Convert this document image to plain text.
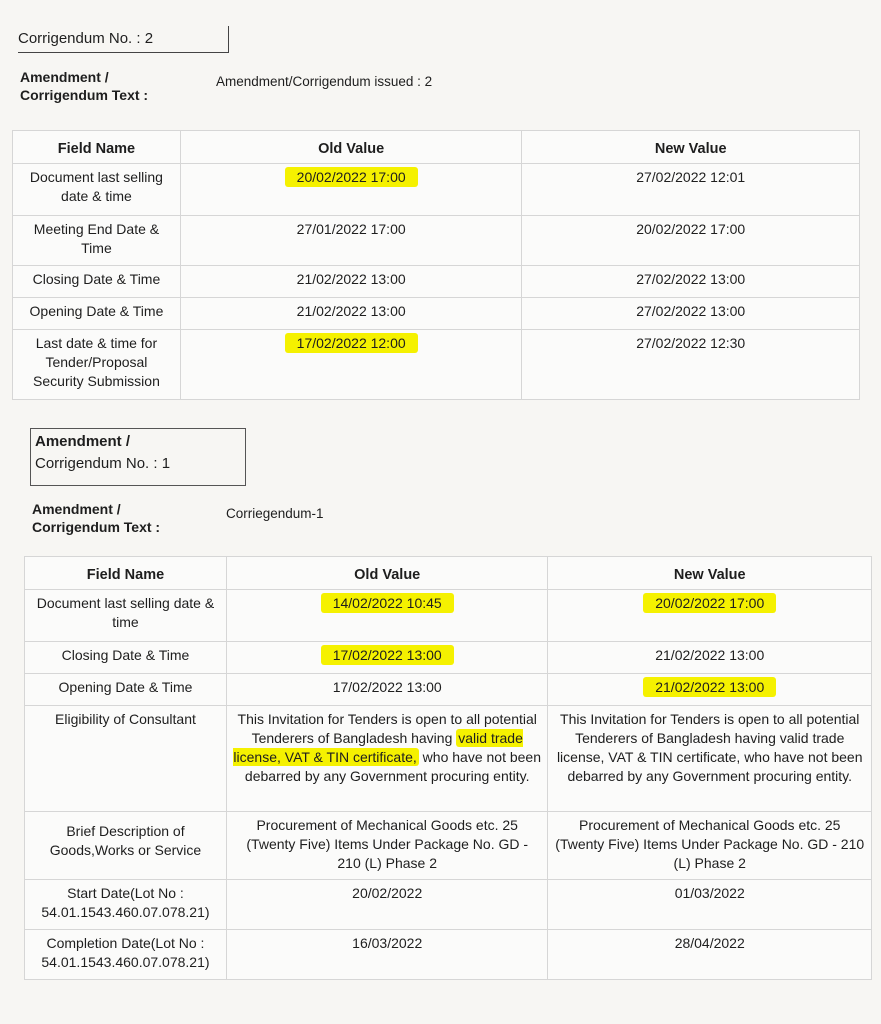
Corrigendum No. : 2
Amendment /
Corrigendum Text :
Amendment/Corrigendum issued : 2
Field Name	Old Value	New Value
Document last selling date & time	20/02/2022 17:00	27/02/2022 12:01
Meeting End Date & Time	27/01/2022 17:00	20/02/2022 17:00
Closing Date & Time	21/02/2022 13:00	27/02/2022 13:00
Opening Date & Time	21/02/2022 13:00	27/02/2022 13:00
Last date & time for Tender/Proposal Security Submission	17/02/2022 12:00	27/02/2022 12:30
Amendment /
Corrigendum No. : 1
Amendment /
Corrigendum Text :
Corriegendum-1
Field Name	Old Value	New Value
Document last selling date & time	14/02/2022 10:45	20/02/2022 17:00
Closing Date & Time	17/02/2022 13:00	21/02/2022 13:00
Opening Date & Time	17/02/2022 13:00	21/02/2022 13:00
Eligibility of Consultant	This Invitation for Tenders is open to all potential Tenderers of Bangladesh having valid trade license, VAT & TIN certificate, who have not been debarred by any Government procuring entity.	This Invitation for Tenders is open to all potential Tenderers of Bangladesh having valid trade license, VAT & TIN certificate, who have not been debarred by any Government procuring entity.
Brief Description of Goods,Works or Service	Procurement of Mechanical Goods etc. 25 (Twenty Five) Items Under Package No. GD - 210 (L) Phase 2	Procurement of Mechanical Goods etc. 25 (Twenty Five) Items Under Package No. GD - 210 (L) Phase 2
Start Date(Lot No : 54.01.1543.460.07.078.21)	20/02/2022	01/03/2022
Completion Date(Lot No : 54.01.1543.460.07.078.21)	16/03/2022	28/04/2022
